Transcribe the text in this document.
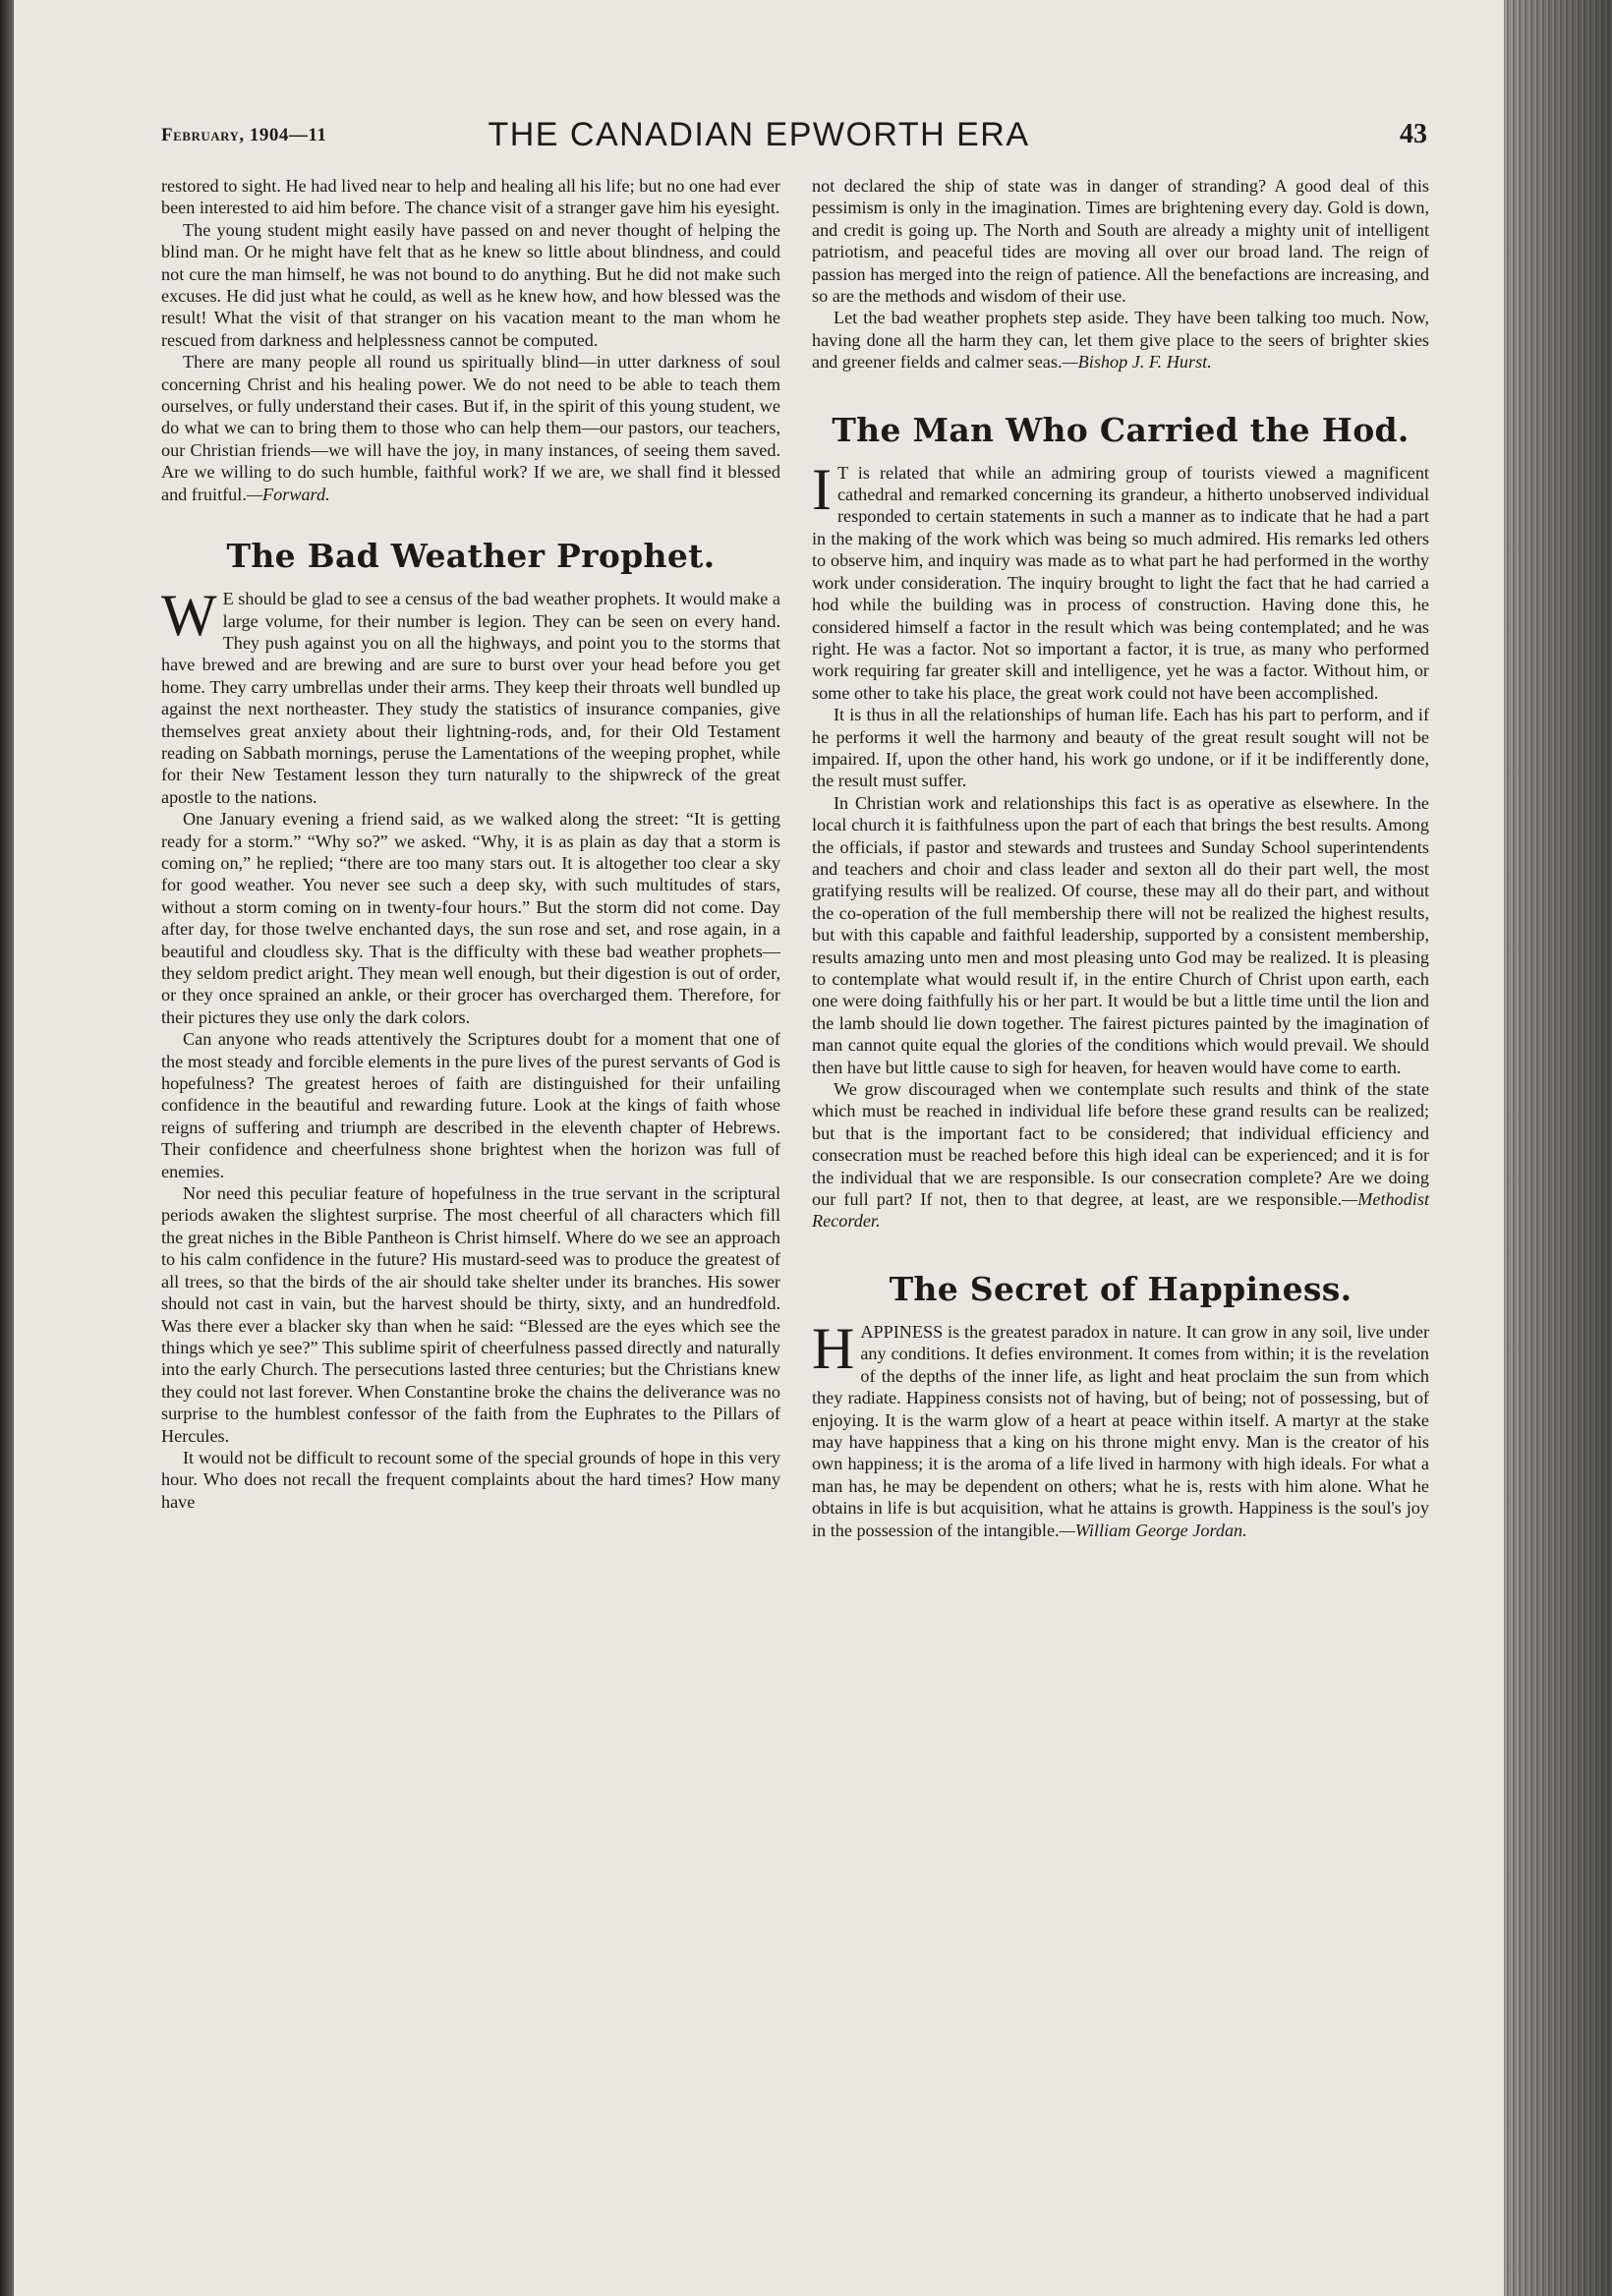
February, 1904—11	THE CANADIAN EPWORTH ERA	43

restored to sight. He had lived near to help and healing all his life; but no one had ever been interested to aid him before. The chance visit of a stranger gave him his eyesight.

The young student might easily have passed on and never thought of helping the blind man. Or he might have felt that as he knew so little about blindness, and could not cure the man himself, he was not bound to do anything. But he did not make such excuses. He did just what he could, as well as he knew how, and how blessed was the result! What the visit of that stranger on his vacation meant to the man whom he rescued from darkness and helplessness cannot be computed.

There are many people all round us spiritually blind—in utter darkness of soul concerning Christ and his healing power. We do not need to be able to teach them ourselves, or fully understand their cases. But if, in the spirit of this young student, we do what we can to bring them to those who can help them—our pastors, our teachers, our Christian friends—we will have the joy, in many instances, of seeing them saved. Are we willing to do such humble, faithful work? If we are, we shall find it blessed and fruitful.—Forward.

The Bad Weather Prophet.

W E should be glad to see a census of the bad weather prophets. It would make a large volume, for their number is legion. They can be seen on every hand. They push against you on all the highways, and point you to the storms that have brewed and are brewing and are sure to burst over your head before you get home. They carry umbrellas under their arms. They keep their throats well bundled up against the next northeaster. They study the statistics of insurance companies, give themselves great anxiety about their lightning-rods, and, for their Old Testament reading on Sabbath mornings, peruse the Lamentations of the weeping prophet, while for their New Testament lesson they turn naturally to the shipwreck of the great apostle to the nations.

One January evening a friend said, as we walked along the street: “It is getting ready for a storm.” “Why so?” we asked. “Why, it is as plain as day that a storm is coming on,” he replied; “there are too many stars out. It is altogether too clear a sky for good weather. You never see such a deep sky, with such multitudes of stars, without a storm coming on in twenty-four hours.” But the storm did not come. Day after day, for those twelve enchanted days, the sun rose and set, and rose again, in a beautiful and cloudless sky. That is the difficulty with these bad weather prophets—they seldom predict aright. They mean well enough, but their digestion is out of order, or they once sprained an ankle, or their grocer has overcharged them. Therefore, for their pictures they use only the dark colors.

Can anyone who reads attentively the Scriptures doubt for a moment that one of the most steady and forcible elements in the pure lives of the purest servants of God is hopefulness? The greatest heroes of faith are distinguished for their unfailing confidence in the beautiful and rewarding future. Look at the kings of faith whose reigns of suffering and triumph are described in the eleventh chapter of Hebrews. Their confidence and cheerfulness shone brightest when the horizon was full of enemies.

Nor need this peculiar feature of hopefulness in the true servant in the scriptural periods awaken the slightest surprise. The most cheerful of all characters which fill the great niches in the Bible Pantheon is Christ himself. Where do we see an approach to his calm confidence in the future? His mustard-seed was to produce the greatest of all trees, so that the birds of the air should take shelter under its branches. His sower should not cast in vain, but the harvest should be thirty, sixty, and an hundredfold. Was there ever a blacker sky than when he said: “Blessed are the eyes which see the things which ye see?” This sublime spirit of cheerfulness passed directly and naturally into the early Church. The persecutions lasted three centuries; but the Christians knew they could not last forever. When Constantine broke the chains the deliverance was no surprise to the humblest confessor of the faith from the Euphrates to the Pillars of Hercules.

It would not be difficult to recount some of the special grounds of hope in this very hour. Who does not recall the frequent complaints about the hard times? How many have

not declared the ship of state was in danger of stranding? A good deal of this pessimism is only in the imagination. Times are brightening every day. Gold is down, and credit is going up. The North and South are already a mighty unit of intelligent patriotism, and peaceful tides are moving all over our broad land. The reign of passion has merged into the reign of patience. All the benefactions are increasing, and so are the methods and wisdom of their use.

Let the bad weather prophets step aside. They have been talking too much. Now, having done all the harm they can, let them give place to the seers of brighter skies and greener fields and calmer seas.—Bishop J. F. Hurst.

The Man Who Carried the Hod.

I T is related that while an admiring group of tourists viewed a magnificent cathedral and remarked concerning its grandeur, a hitherto unobserved individual responded to certain statements in such a manner as to indicate that he had a part in the making of the work which was being so much admired. His remarks led others to observe him, and inquiry was made as to what part he had performed in the worthy work under consideration. The inquiry brought to light the fact that he had carried a hod while the building was in process of construction. Having done this, he considered himself a factor in the result which was being contemplated; and he was right. He was a factor. Not so important a factor, it is true, as many who performed work requiring far greater skill and intelligence, yet he was a factor. Without him, or some other to take his place, the great work could not have been accomplished.

It is thus in all the relationships of human life. Each has his part to perform, and if he performs it well the harmony and beauty of the great result sought will not be impaired. If, upon the other hand, his work go undone, or if it be indifferently done, the result must suffer.

In Christian work and relationships this fact is as operative as elsewhere. In the local church it is faithfulness upon the part of each that brings the best results. Among the officials, if pastor and stewards and trustees and Sunday School superintendents and teachers and choir and class leader and sexton all do their part well, the most gratifying results will be realized. Of course, these may all do their part, and without the co-operation of the full membership there will not be realized the highest results, but with this capable and faithful leadership, supported by a consistent membership, results amazing unto men and most pleasing unto God may be realized. It is pleasing to contemplate what would result if, in the entire Church of Christ upon earth, each one were doing faithfully his or her part. It would be but a little time until the lion and the lamb should lie down together. The fairest pictures painted by the imagination of man cannot quite equal the glories of the conditions which would prevail. We should then have but little cause to sigh for heaven, for heaven would have come to earth.

We grow discouraged when we contemplate such results and think of the state which must be reached in individual life before these grand results can be realized; but that is the important fact to be considered; that individual efficiency and consecration must be reached before this high ideal can be experienced; and it is for the individual that we are responsible. Is our consecration complete? Are we doing our full part? If not, then to that degree, at least, are we responsible.—Methodist Recorder.

The Secret of Happiness.

HAPPINESS is the greatest paradox in nature. It can grow in any soil, live under any conditions. It defies environment. It comes from within; it is the revelation of the depths of the inner life, as light and heat proclaim the sun from which they radiate. Happiness consists not of having, but of being; not of possessing, but of enjoying. It is the warm glow of a heart at peace within itself. A martyr at the stake may have happiness that a king on his throne might envy. Man is the creator of his own happiness; it is the aroma of a life lived in harmony with high ideals. For what a man has, he may be dependent on others; what he is, rests with him alone. What he obtains in life is but acquisition, what he attains is growth. Happiness is the soul's joy in the possession of the intangible.—William George Jordan.
